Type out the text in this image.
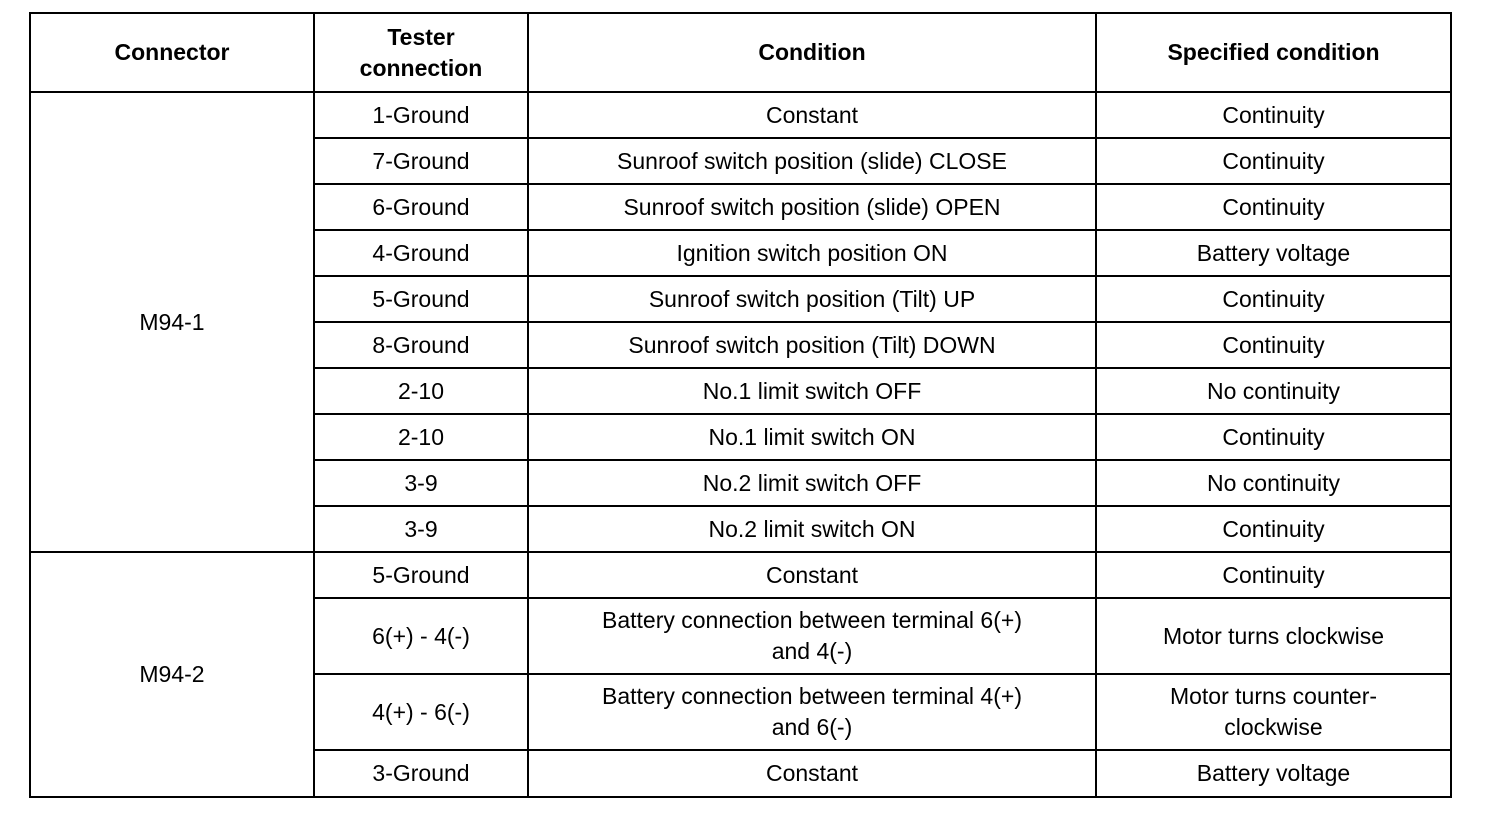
Connector	Tester connection	Condition	Specified condition
M94-1	1-Ground	Constant	Continuity
	7-Ground	Sunroof switch position (slide) CLOSE	Continuity
	6-Ground	Sunroof switch position (slide) OPEN	Continuity
	4-Ground	Ignition switch position ON	Battery voltage
	5-Ground	Sunroof switch position (Tilt) UP	Continuity
	8-Ground	Sunroof switch position (Tilt) DOWN	Continuity
	2-10	No.1 limit switch OFF	No continuity
	2-10	No.1 limit switch ON	Continuity
	3-9	No.2 limit switch OFF	No continuity
	3-9	No.2 limit switch ON	Continuity
M94-2	5-Ground	Constant	Continuity
	6(+) - 4(-)	Battery connection between terminal 6(+) and 4(-)	Motor turns clockwise
	4(+) - 6(-)	Battery connection between terminal 4(+) and 6(-)	Motor turns counter-clockwise
	3-Ground	Constant	Battery voltage
